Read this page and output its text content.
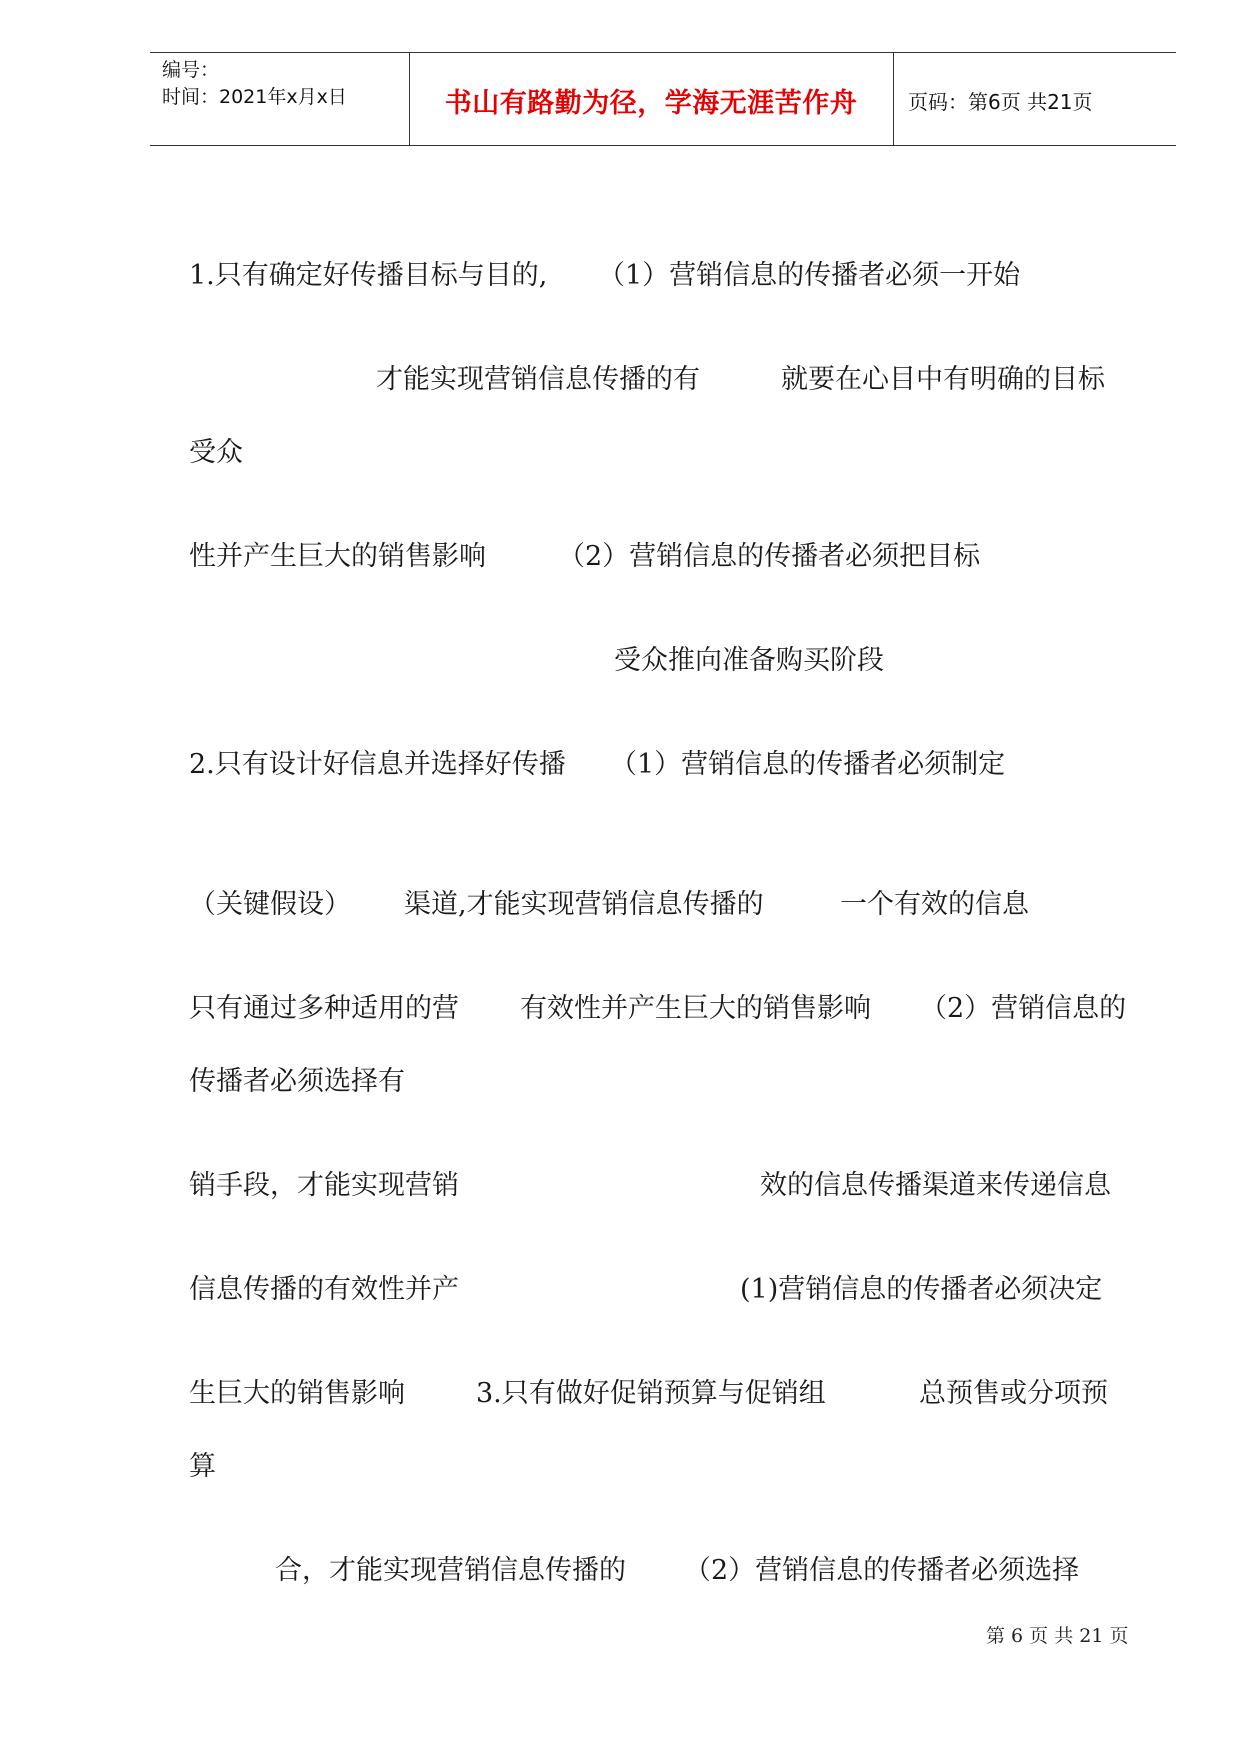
编号：
时间：2021年x月x日	书山有路勤为径，学海无涯苦作舟	页码：第6页 共21页
1.只有确定好传播目标与目的, （1）营销信息的传播者必须一开始
才能实现营销信息传播的有	就要在心目中有明确的目标
受众
性并产生巨大的销售影响	（2）营销信息的传播者必须把目标
受众推向准备购买阶段
2.只有设计好信息并选择好传播 （1）营销信息的传播者必须制定
（关键假设） 渠道,才能实现营销信息传播的	一个有效的信息
只有通过多种适用的营 有效性并产生巨大的销售影响 （2）营销信息的
传播者必须选择有
销手段，才能实现营销	效的信息传播渠道来传递信息
信息传播的有效性并产	(1)营销信息的传播者必须决定
生巨大的销售影响	3.只有做好促销预算与促销组	总预售或分项预
算
合，才能实现营销信息传播的 （2）营销信息的传播者必须选择
第 6 页 共 21 页
